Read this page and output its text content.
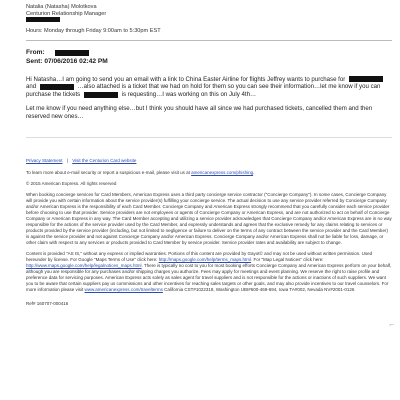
Natalia (Natasha) Molotkova
Centurion Relationship Manager
Hours: Monday through Friday 9:00am to 5:30pm EST
From:
Sent: 07/06/2016 02:42 PM

Hi Natasha…I am going to send you an email with a link to China Easter Airline for flights Jeffrey wants to purchase for  and	…also attached is a ticket that we had on hold for them so you can see their information…let me know if you can purchase the tickets	is requesting…I was working on this on July 4th…

Let me know if you need anything else…but I think you should have all since we had purchased tickets, cancelled them and then reserved new ones…

Privacy Statement | Visit the Centurion Card website

To learn more about e-mail security or report a suspicious e-mail, please visit us at americanexpress.com/phishing.

© 2015 American Express. All rights reserved

When booking concierge services for Card Members, American Express uses a third party concierge service contractor ("Concierge Company"). In some cases, Concierge Company will provide you with certain information about the service provider(s) fulfilling your concierge service. The actual decision to use any service provider referred by Concierge Company and/or American Express is the responsibility of each Card Member. Concierge Company and American Express strongly recommend that you carefully consider each service provider before choosing to use that provider. Service providers are not employees or agents of Concierge Company or American Express, and are not authorized to act on behalf of Concierge Company or American Express in any way. The Card Member accepting and utilizing a service provider acknowledges that Concierge Company and/or American Express are in no way responsible for the actions of the service provider used by the Card Member, and expressly understands and agrees that the exclusive remedy for any claims relating to services or products provided by the service provider (including, but not limited to negligence or failure to deliver on the terms of any contract between the service provider and the Card Member) is against the service provider and not against Concierge Company and/or American Express. Concierge Company and/or American Express shall not be liable for loss, damage, or other claim with respect to any services or products provided to Card Member by service provider. Service provider rates and availability are subject to change.

Content is provided "AS IS," without any express or implied warranties. Portions of this content are provided by Gayot© and may not be used without written permission. Used hereunder by license. For Google "Maps Terms of Use" click here: http://maps.google.com/help/terms_maps.html. For "Map Legal Notices" click here: http://www.maps.google.com/help/legalnotices_maps.html. There is typically no cost to you for most booking efforts Concierge Company and American Express perform on your behalf, although you are responsible for any purchases and/or shipping charges you authorize. Fees may apply for meetings and event planning. We reserve the right to raise profile and preference data for servicing purposes. American Express acts solely as sales agent for travel suppliers and is not responsible for the actions or inactions of such suppliers. We want you to be aware that certain suppliers pay us commissions and other incentives for reaching sales targets or other goals, and may also provide incentives to our travel counselors. For more information please visit www.americanexpress.com/travelterms California CST#1022318, Washington UBI#600-469-694, Iowa TA#002, Nevada NV#2001-0126

Ref# 160707-000416
⌐
